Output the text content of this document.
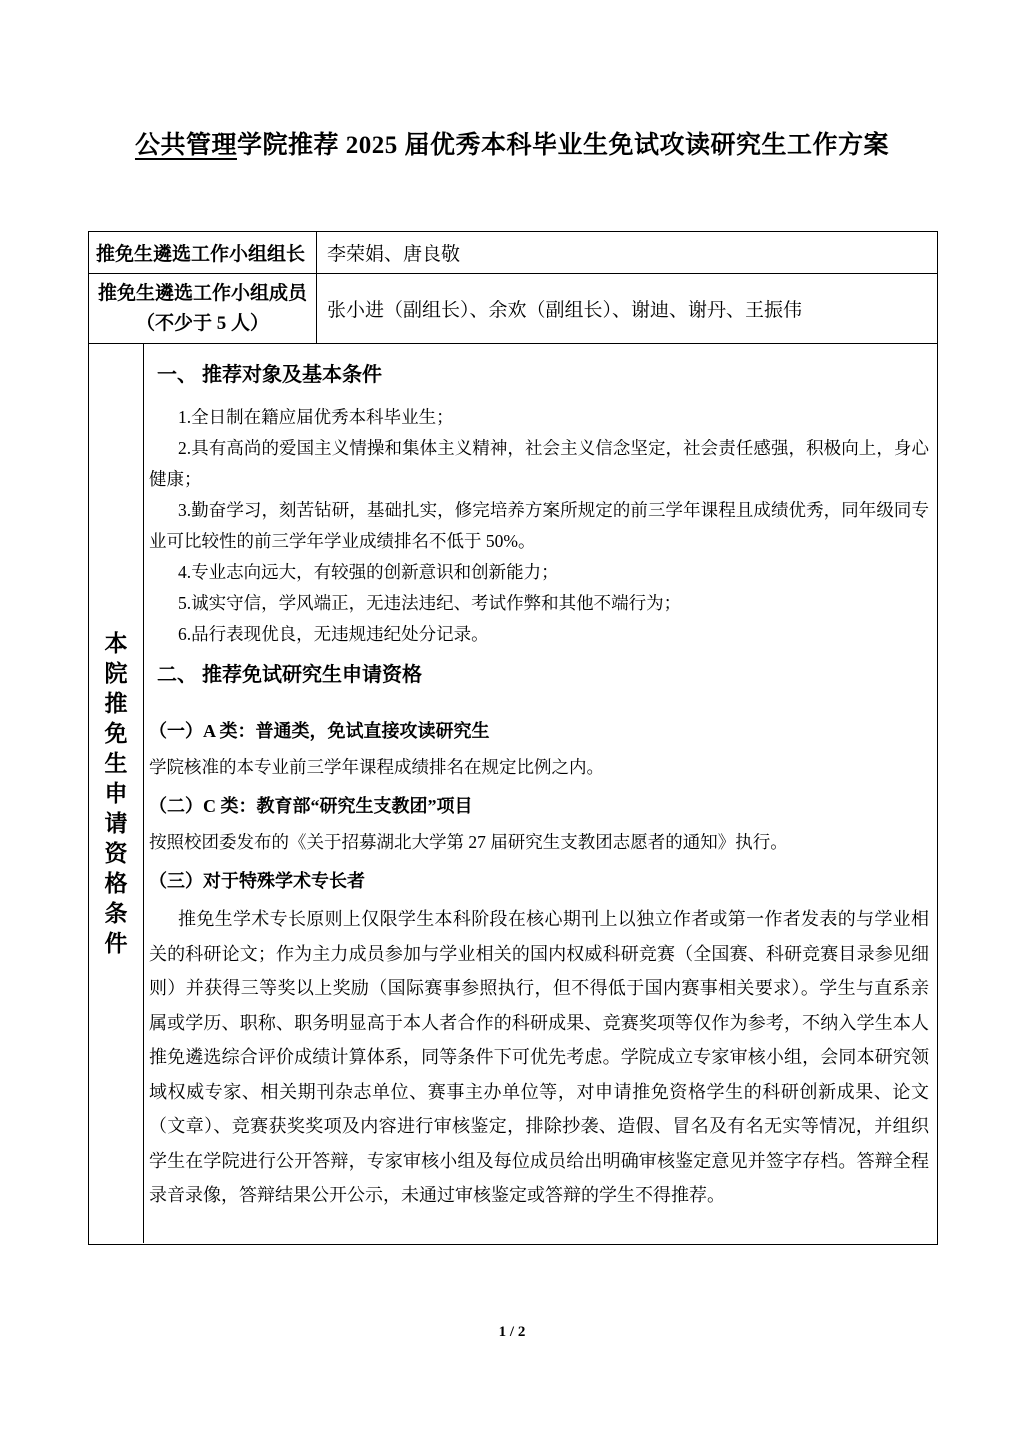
公共管理学院推荐 2025 届优秀本科毕业生免试攻读研究生工作方案
推免生遴选工作小组组长	李荣娟、唐良敬
推免生遴选工作小组成员
（不少于 5 人）
张小进（副组长）、余欢（副组长）、谢迪、谢丹、王振伟
本院推免生申请资格条件
一、 推荐对象及基本条件

1.全日制在籍应届优秀本科毕业生；

2.具有高尚的爱国主义情操和集体主义精神，社会主义信念坚定，社会责任感强，积极向上，身心健康；

3.勤奋学习，刻苦钻研，基础扎实，修完培养方案所规定的前三学年课程且成绩优秀，同年级同专业可比较性的前三学年学业成绩排名不低于 50%。

4.专业志向远大，有较强的创新意识和创新能力；

5.诚实守信，学风端正，无违法违纪、考试作弊和其他不端行为；

6.品行表现优良，无违规违纪处分记录。

二、 推荐免试研究生申请资格
（一）A 类：普通类，免试直接攻读研究生

学院核准的本专业前三学年课程成绩排名在规定比例之内。

（二）C 类：教育部“研究生支教团”项目

按照校团委发布的《关于招募湖北大学第 27 届研究生支教团志愿者的通知》执行。

（三）对于特殊学术专长者

推免生学术专长原则上仅限学生本科阶段在核心期刊上以独立作者或第一作者发表的与学业相关的科研论文；作为主力成员参加与学业相关的国内权威科研竞赛（全国赛、科研竞赛目录参见细则）并获得三等奖以上奖励（国际赛事参照执行，但不得低于国内赛事相关要求）。学生与直系亲属或学历、职称、职务明显高于本人者合作的科研成果、竞赛奖项等仅作为参考，不纳入学生本人推免遴选综合评价成绩计算体系，同等条件下可优先考虑。学院成立专家审核小组，会同本研究领域权威专家、相关期刊杂志单位、赛事主办单位等，对申请推免资格学生的科研创新成果、论文（文章）、竞赛获奖奖项及内容进行审核鉴定，排除抄袭、造假、冒名及有名无实等情况，并组织学生在学院进行公开答辩，专家审核小组及每位成员给出明确审核鉴定意见并签字存档。答辩全程录音录像，答辩结果公开公示，未通过审核鉴定或答辩的学生不得推荐。

1 / 2
